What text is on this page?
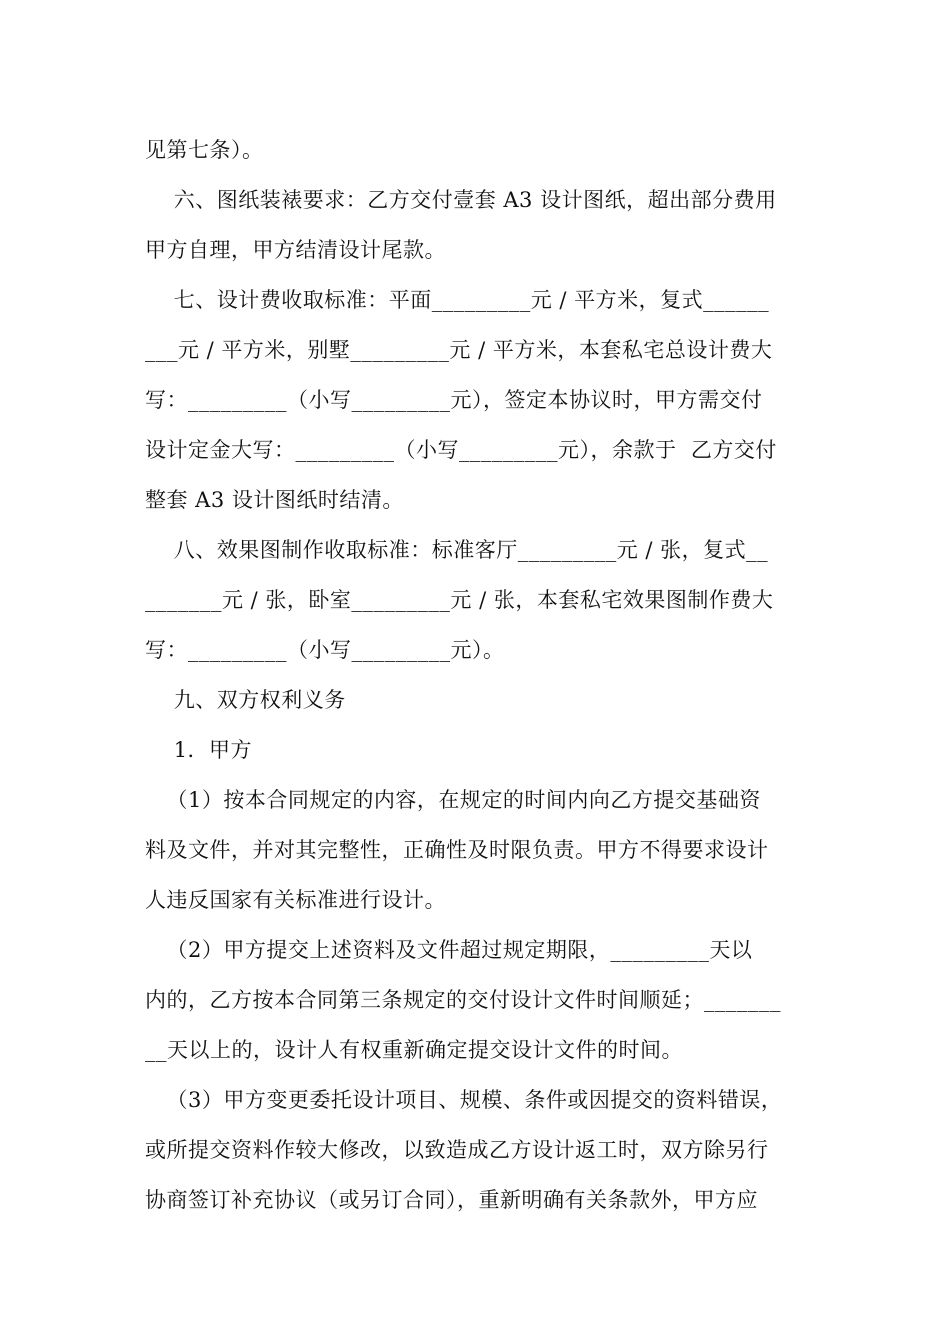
见第七条）。
六、图纸装裱要求：乙方交付壹套 A3 设计图纸，超出部分费用
甲方自理，甲方结清设计尾款。
七、设计费收取标准：平面_________元 / 平方米，复式______
___元 / 平方米，别墅_________元 / 平方米，本套私宅总设计费大
写：_________（小写_________元），签定本协议时，甲方需交付
设计定金大写：_________（小写_________元），余款于  乙方交付
整套 A3 设计图纸时结清。
八、效果图制作收取标准：标准客厅_________元 / 张，复式__
_______元 / 张，卧室_________元 / 张，本套私宅效果图制作费大
写：_________（小写_________元）。
九、双方权利义务
1．甲方
（1）按本合同规定的内容，在规定的时间内向乙方提交基础资
料及文件，并对其完整性，正确性及时限负责。甲方不得要求设计
人违反国家有关标准进行设计。
（2）甲方提交上述资料及文件超过规定期限，_________天以
内的，乙方按本合同第三条规定的交付设计文件时间顺延；_______
__天以上的，设计人有权重新确定提交设计文件的时间。
（3）甲方变更委托设计项目、规模、条件或因提交的资料错误，
或所提交资料作较大修改，以致造成乙方设计返工时，双方除另行
协商签订补充协议（或另订合同），重新明确有关条款外，甲方应
